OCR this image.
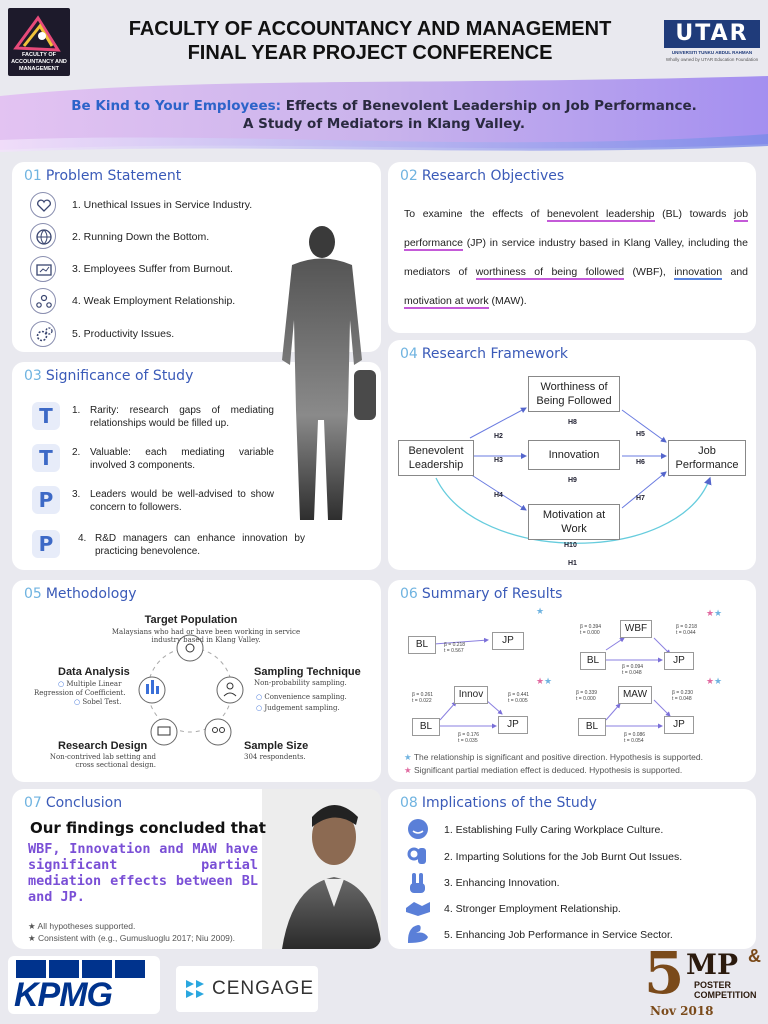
FACULTY OF ACCOUNTANCY AND MANAGEMENT
FACULTY OF ACCOUNTANCY AND MANAGEMENT
FINAL YEAR PROJECT CONFERENCE
UTAR
UNIVERSITI TUNKU ABDUL RAHMAN
Wholly owned by UTAR Education Foundation
Be Kind to Your Employees: Effects of Benevolent Leadership on Job Performance.
A Study of Mediators in Klang Valley.
01 Problem Statement
1. Unethical Issues in Service Industry.
2. Running Down the Bottom.
3. Employees Suffer from Burnout.
4. Weak Employment Relationship.
5. Productivity Issues.
03 Significance of Study
T
T
P
P
1. Rarity: research gaps of mediating relationships would be filled up.
2. Valuable: each mediating variable involved 3 components.
3. Leaders would be well-advised to show concern to followers.
4. R&D managers can enhance innovation by practicing benevolence.
02 Research Objectives
To examine the effects of benevolent leadership (BL) towards job performance (JP) in service industry based in Klang Valley, including the mediators of worthiness of being followed (WBF), innovation and motivation at work (MAW).
04 Research Framework
Benevolent Leadership
Worthiness of Being Followed
Innovation
Motivation at Work
Job Performance
H2
H3
H4
H8
H9
H5
H6
H7
H10
H1
05 Methodology
Target Population
Malaysians who had or have been working in service industry based in Klang Valley.
Data Analysis
○ Multiple Linear
Regression of Coefficient.
○ Sobel Test.
Sampling Technique
Non-probability sampling.
○ Convenience sampling.
○ Judgement sampling.
Research Design
Non-contrived lab setting and cross sectional design.
Sample Size
304 respondents.
06 Summary of Results
★	★ ★
★ ★	★ ★
BL	JP
β = 0.218
t = 0.567
WBF
BL	JP
β = 0.394
t = 0.000
β = 0.218
t = 0.044
β = 0.094
t = 0.048
Innov
BL	JP
β = 0.261
t = 0.022
β = 0.441
t = 0.005
β = 0.176
t = 0.035
MAW
BL	JP
β = 0.339
t = 0.000
β = 0.230
t = 0.048
β = 0.086
t = 0.054
★ The relationship is significant and positive direction. Hypothesis is supported.
★ Significant partial mediation effect is deduced. Hypothesis is supported.
07 Conclusion
Our findings concluded that
WBF, Innovation and MAW have significant partial mediation effects between BL and JP.
★ All hypotheses supported.
★ Consistent with (e.g., Gumusluoglu 2017; Niu 2009).
08 Implications of the Study
1. Establishing Fully Caring Workplace Culture.
2. Imparting Solutions for the Job Burnt Out Issues.
3. Enhancing Innovation.
4. Stronger Employment Relationship.
5. Enhancing Job Performance in Service Sector.
KPMG	CENGAGE	5 MP &
POSTER
COMPETITION
Nov 2018
